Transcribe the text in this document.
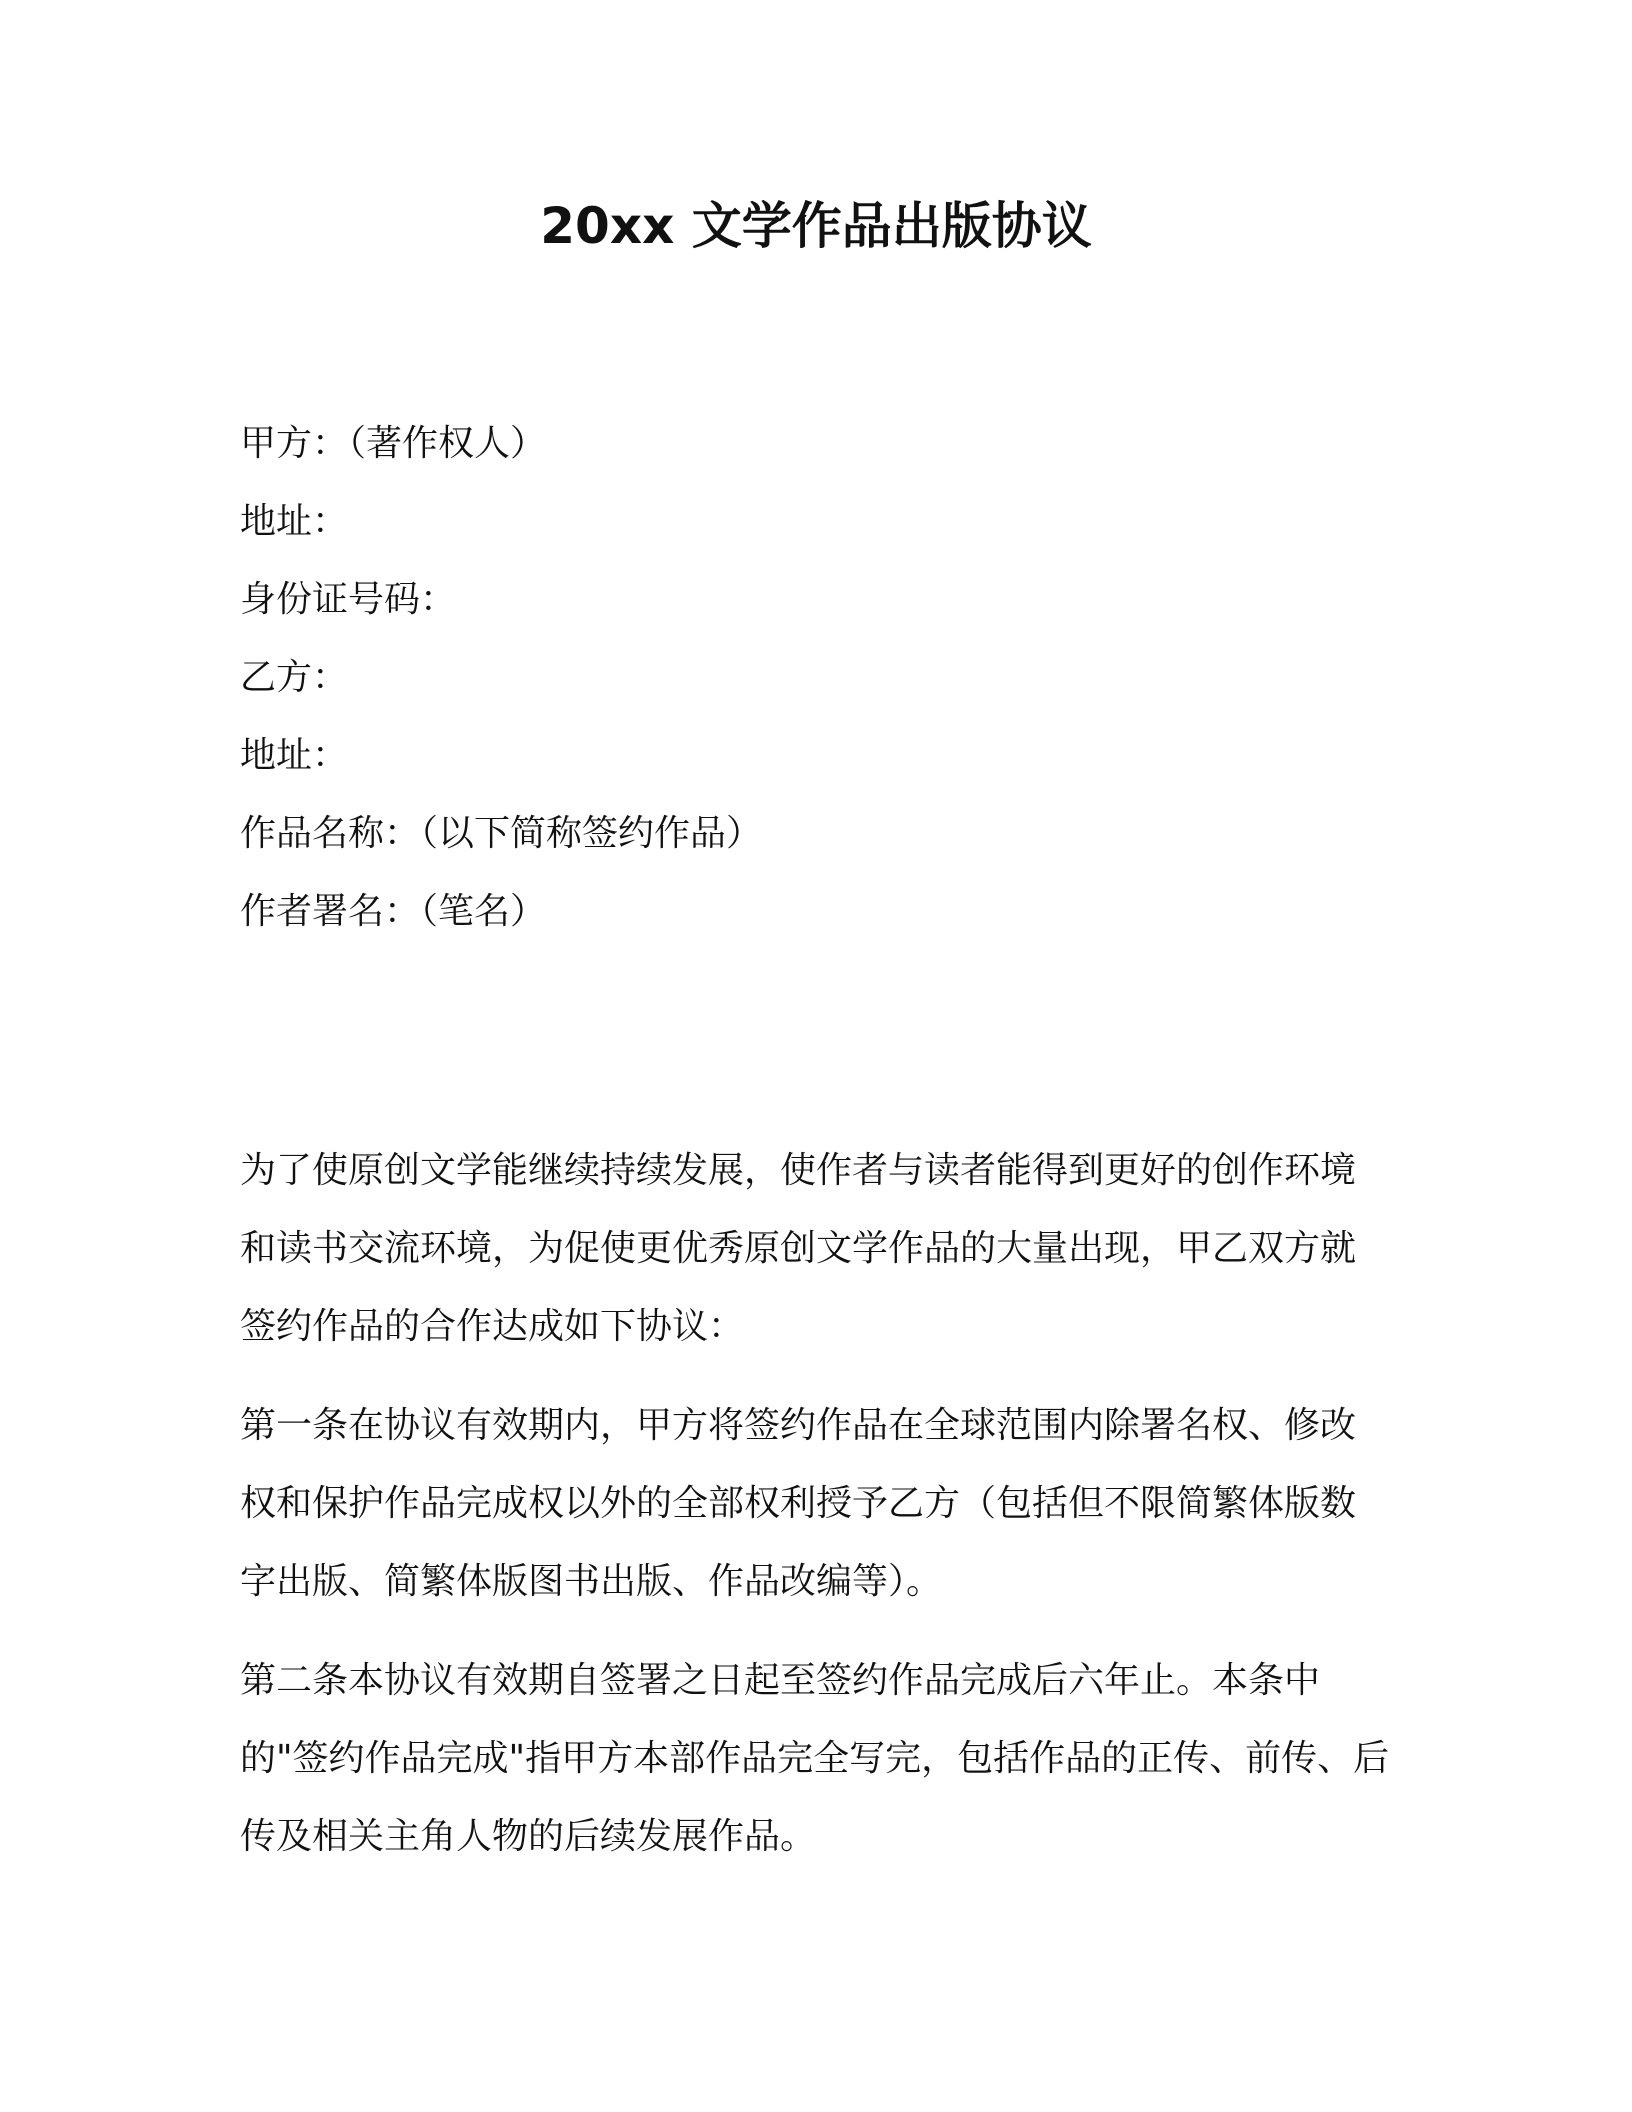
20xx 文学作品出版协议
甲方：（著作权人）
地址：
身份证号码：
乙方：
地址：
作品名称：（以下简称签约作品）
作者署名：（笔名）

为了使原创文学能继续持续发展，使作者与读者能得到更好的创作环境和读书交流环境，为促使更优秀原创文学作品的大量出现，甲乙双方就签约作品的合作达成如下协议：

第一条在协议有效期内，甲方将签约作品在全球范围内除署名权、修改权和保护作品完成权以外的全部权利授予乙方（包括但不限简繁体版数字出版、简繁体版图书出版、作品改编等）。

第二条本协议有效期自签署之日起至签约作品完成后六年止。本条中的"签约作品完成"指甲方本部作品完全写完，包括作品的正传、前传、后传及相关主角人物的后续发展作品。
